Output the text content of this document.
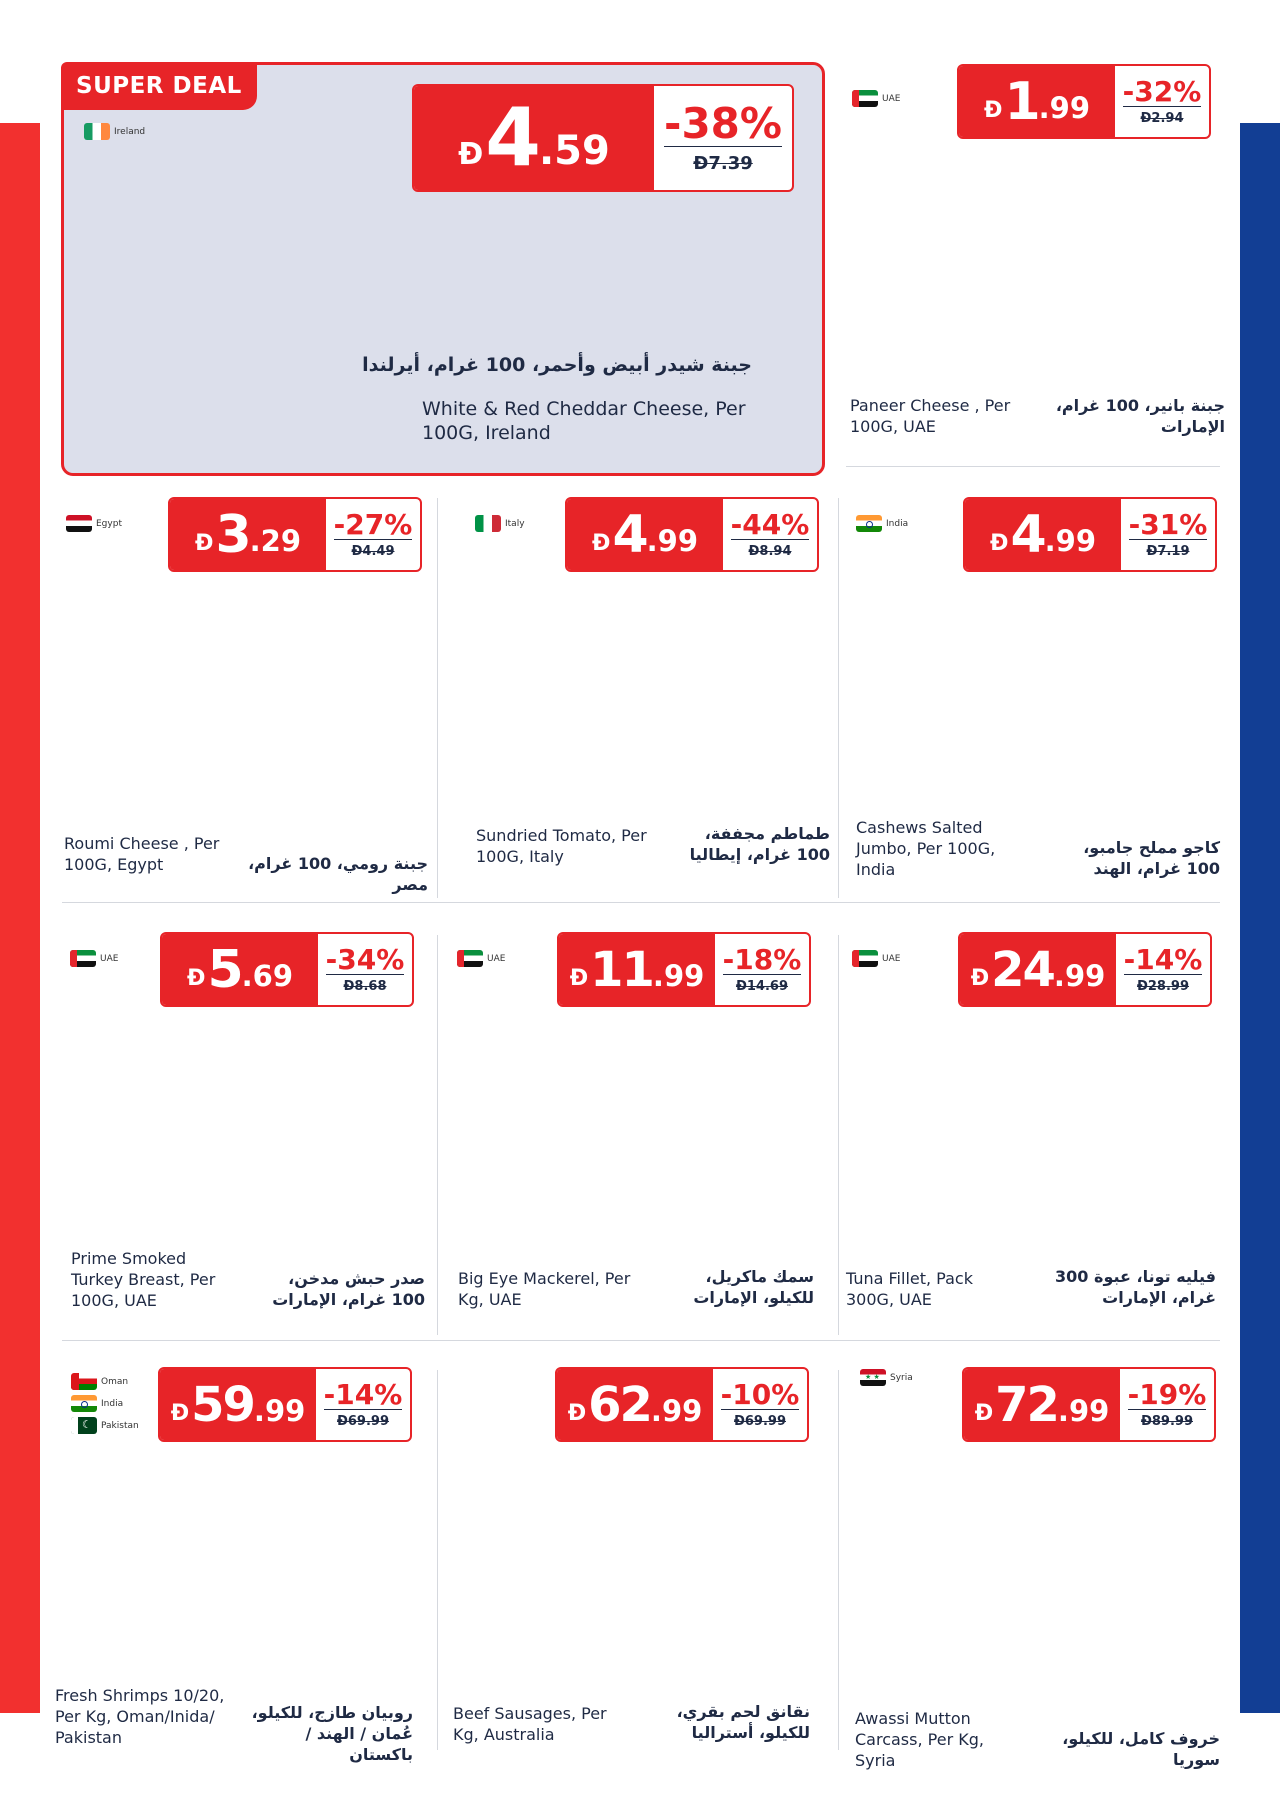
SUPER DEAL
Ireland
Đ 4 .59
-38%
Đ7.39
جبنة شيدر أبيض وأحمر، 100 غرام، أيرلندا
White & Red Cheddar Cheese, Per 100G, Ireland
UAE	Đ 1 .99 -32%
Đ2.94
Paneer Cheese , Per 100G, UAE
جبنة بانير، 100 غرام، الإمارات
Egypt
Đ 3 .29 -27%
Đ4.49
Roumi Cheese , Per 100G, Egypt	جبنة رومي، 100 غرام، مصر
Italy
Đ 4 .99 -44%
Đ8.94
Sundried Tomato, Per 100G, Italy
طماطم مجففة، 100 غرام، إيطاليا
India
Đ 4 .99 -31%
Đ7.19
Cashews Salted Jumbo, Per 100G, India
كاجو مملح جامبو، 100 غرام، الهند
UAE
Đ 5 .69 -34%
Đ8.68
Prime Smoked Turkey Breast, Per 100G, UAE
صدر حبش مدخن، 100 غرام، الإمارات
UAE
Đ 11 .99 -18%
Đ14.69
Big Eye Mackerel, Per Kg, UAE
سمك ماكريل، للكيلو، الإمارات
UAE
Đ 24 .99 -14%
Đ28.99
Tuna Fillet, Pack 300G, UAE
فيليه تونا، عبوة 300 غرام، الإمارات
Oman
India
☾
Pakistan Đ 59 .99 -14%
Đ69.99
Fresh Shrimps 10/20, Per Kg, Oman/Inida/ Pakistan
روبيان طازج، للكيلو، عُمان / الهند / باكستان
Đ 62 .99 -10%
Đ69.99
Beef Sausages, Per Kg, Australia
نقانق لحم بقري، للكيلو، أستراليا
★ ★
Syria
Đ 72 .99 -19%
Đ89.99
Awassi Mutton Carcass, Per Kg, Syria
خروف كامل، للكيلو، سوريا
